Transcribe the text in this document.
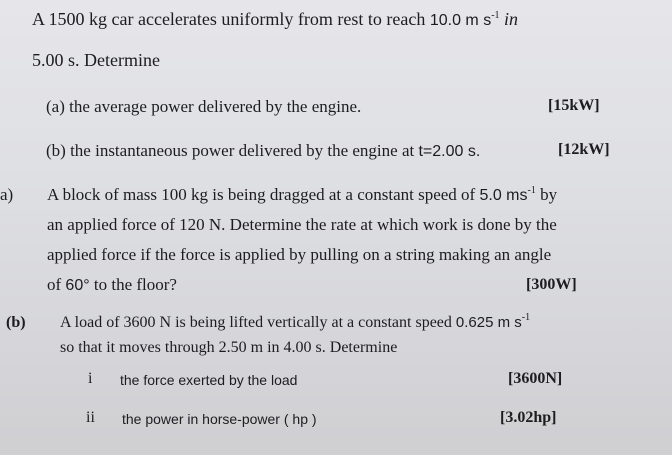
A 1500 kg car accelerates uniformly from rest to reach 10.0 m $s^{-1}$ in
5.00 s. Determine
(a) the average power delivered by the engine.	[15kW]
(b) the instantaneous power delivered by the engine at t=2.00 s.	[12kW]
a) A block of mass 100 kg is being dragged at a constant speed of 5.0 $ms^{-1}$ by
an applied force of 120 N. Determine the rate at which work is done by the
applied force if the force is applied by pulling on a string making an angle
of 60° to the floor?	[300W]
(b) A load of 3600 N is being lifted vertically at a constant speed 0.625 m $s^{-1}$
so that it moves through 2.50 m in 4.00 s. Determine
i the force exerted by the load	[3600N]
ii the power in horse-power ( hp )	[3.02hp]
